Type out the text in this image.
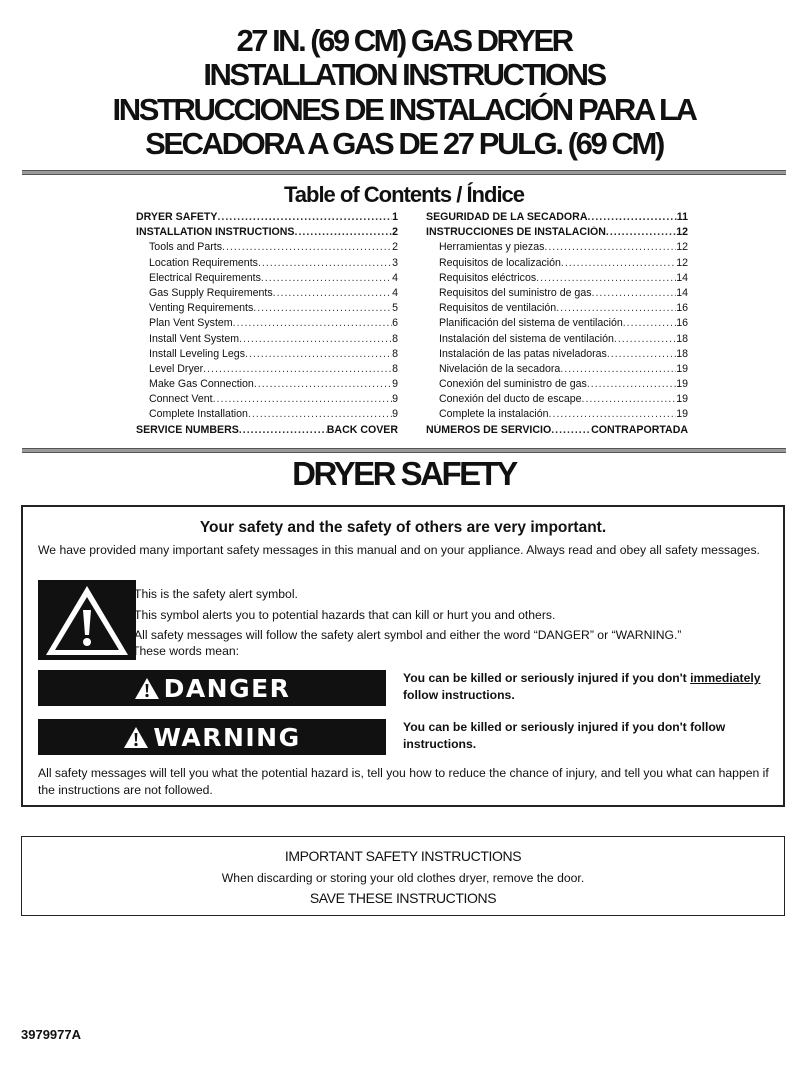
27 IN. (69 CM) GAS DRYER
INSTALLATION INSTRUCTIONS
INSTRUCCIONES DE INSTALACIÓN PARA LA
SECADORA A GAS DE 27 PULG. (69 CM)
Table of Contents / Índice
DRYER SAFETY .....	1
INSTALLATION INSTRUCTIONS .....	2
Tools and Parts .....	2
Location Requirements .....	3
Electrical Requirements .....	4
Gas Supply Requirements .....	4
Venting Requirements .....	5
Plan Vent System .....	6
Install Vent System .....	8
Install Leveling Legs .....	8
Level Dryer .....	8
Make Gas Connection .....	9
Connect Vent .....	9
Complete Installation .....	9
SERVICE NUMBERS .....	BACK COVER
SEGURIDAD DE LA SECADORA .....	11
INSTRUCCIONES DE INSTALACIÓN .....	12
Herramientas y piezas .....	12
Requisitos de localización .....	12
Requisitos eléctricos .....	14
Requisitos del suministro de gas .....	14
Requisitos de ventilación .....	16
Planificación del sistema de ventilación .....	16
Instalación del sistema de ventilación .....	18
Instalación de las patas niveladoras .....	18
Nivelación de la secadora .....	19
Conexión del suministro de gas .....	19
Conexión del ducto de escape .....	19
Complete la instalación .....	19
NÚMEROS DE SERVICIO .....	CONTRAPORTADA
DRYER SAFETY
Your safety and the safety of others are very important.
We have provided many important safety messages in this manual and on your appliance. Always read and obey all safety messages.
This is the safety alert symbol.
This symbol alerts you to potential hazards that can kill or hurt you and others.
All safety messages will follow the safety alert symbol and either the word “DANGER” or “WARNING.”
These words mean:
DANGER	You can be killed or seriously injured if you don't immediately follow instructions.
WARNING	You can be killed or seriously injured if you don't follow instructions.
All safety messages will tell you what the potential hazard is, tell you how to reduce the chance of injury, and tell you what can happen if the instructions are not followed.
IMPORTANT SAFETY INSTRUCTIONS
When discarding or storing your old clothes dryer, remove the door.
SAVE THESE INSTRUCTIONS
3979977A
